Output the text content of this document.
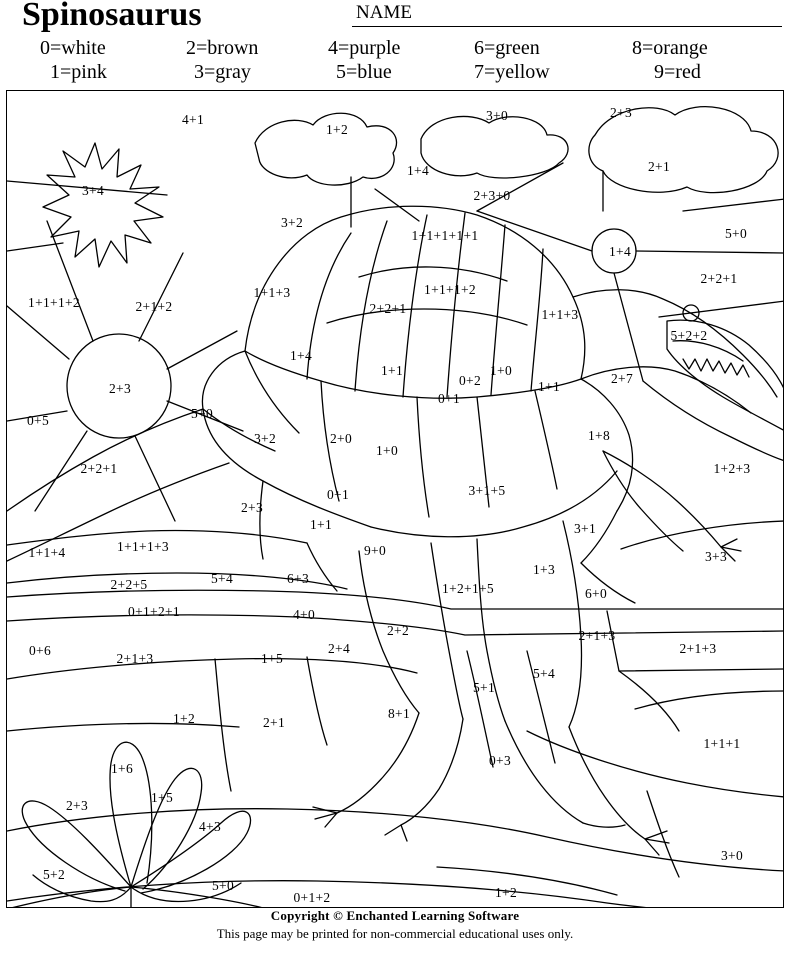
Spinosaurus	NAME
0=white
1=pink
2=brown
3=gray
4=purple
5=blue
6=green
7=yellow
8=orange
9=red
4+1
1+2
3+0	2+3
1+4	2+1
3+4	2+3+0
3+2
5+0
1+1+1+1+1
1+4
1+1+3	1+1+1+2
2+2+1
1+1+1+2	2+1+2	2+2+1	1+1+3
5+2+2
1+4
1+1	1+0
2+7
0+2	1+1
2+3
0+1
5+0
1+8
0+5
3+2	2+0
1+0
2+2+1	1+2+3
0+1	3+1+5
2+3
1+1	3+1
9+0
1+1+1+3
3+3
1+1+4
1+3
5+4	6+3
2+2+5	1+2+1+5	6+0
0+1+2+1	4+0
2+2	2+1+3
0+6	2+4
2+1+3	1+5
5+4
2+1+3
5+1
1+2	2+1
8+1
1+6
1+1+1
0+3
1+5
2+3
4+3
5+2
5+0
3+0
0+1+2	1+2
Copyright © Enchanted Learning Software
This page may be printed for non-commercial educational uses only.
